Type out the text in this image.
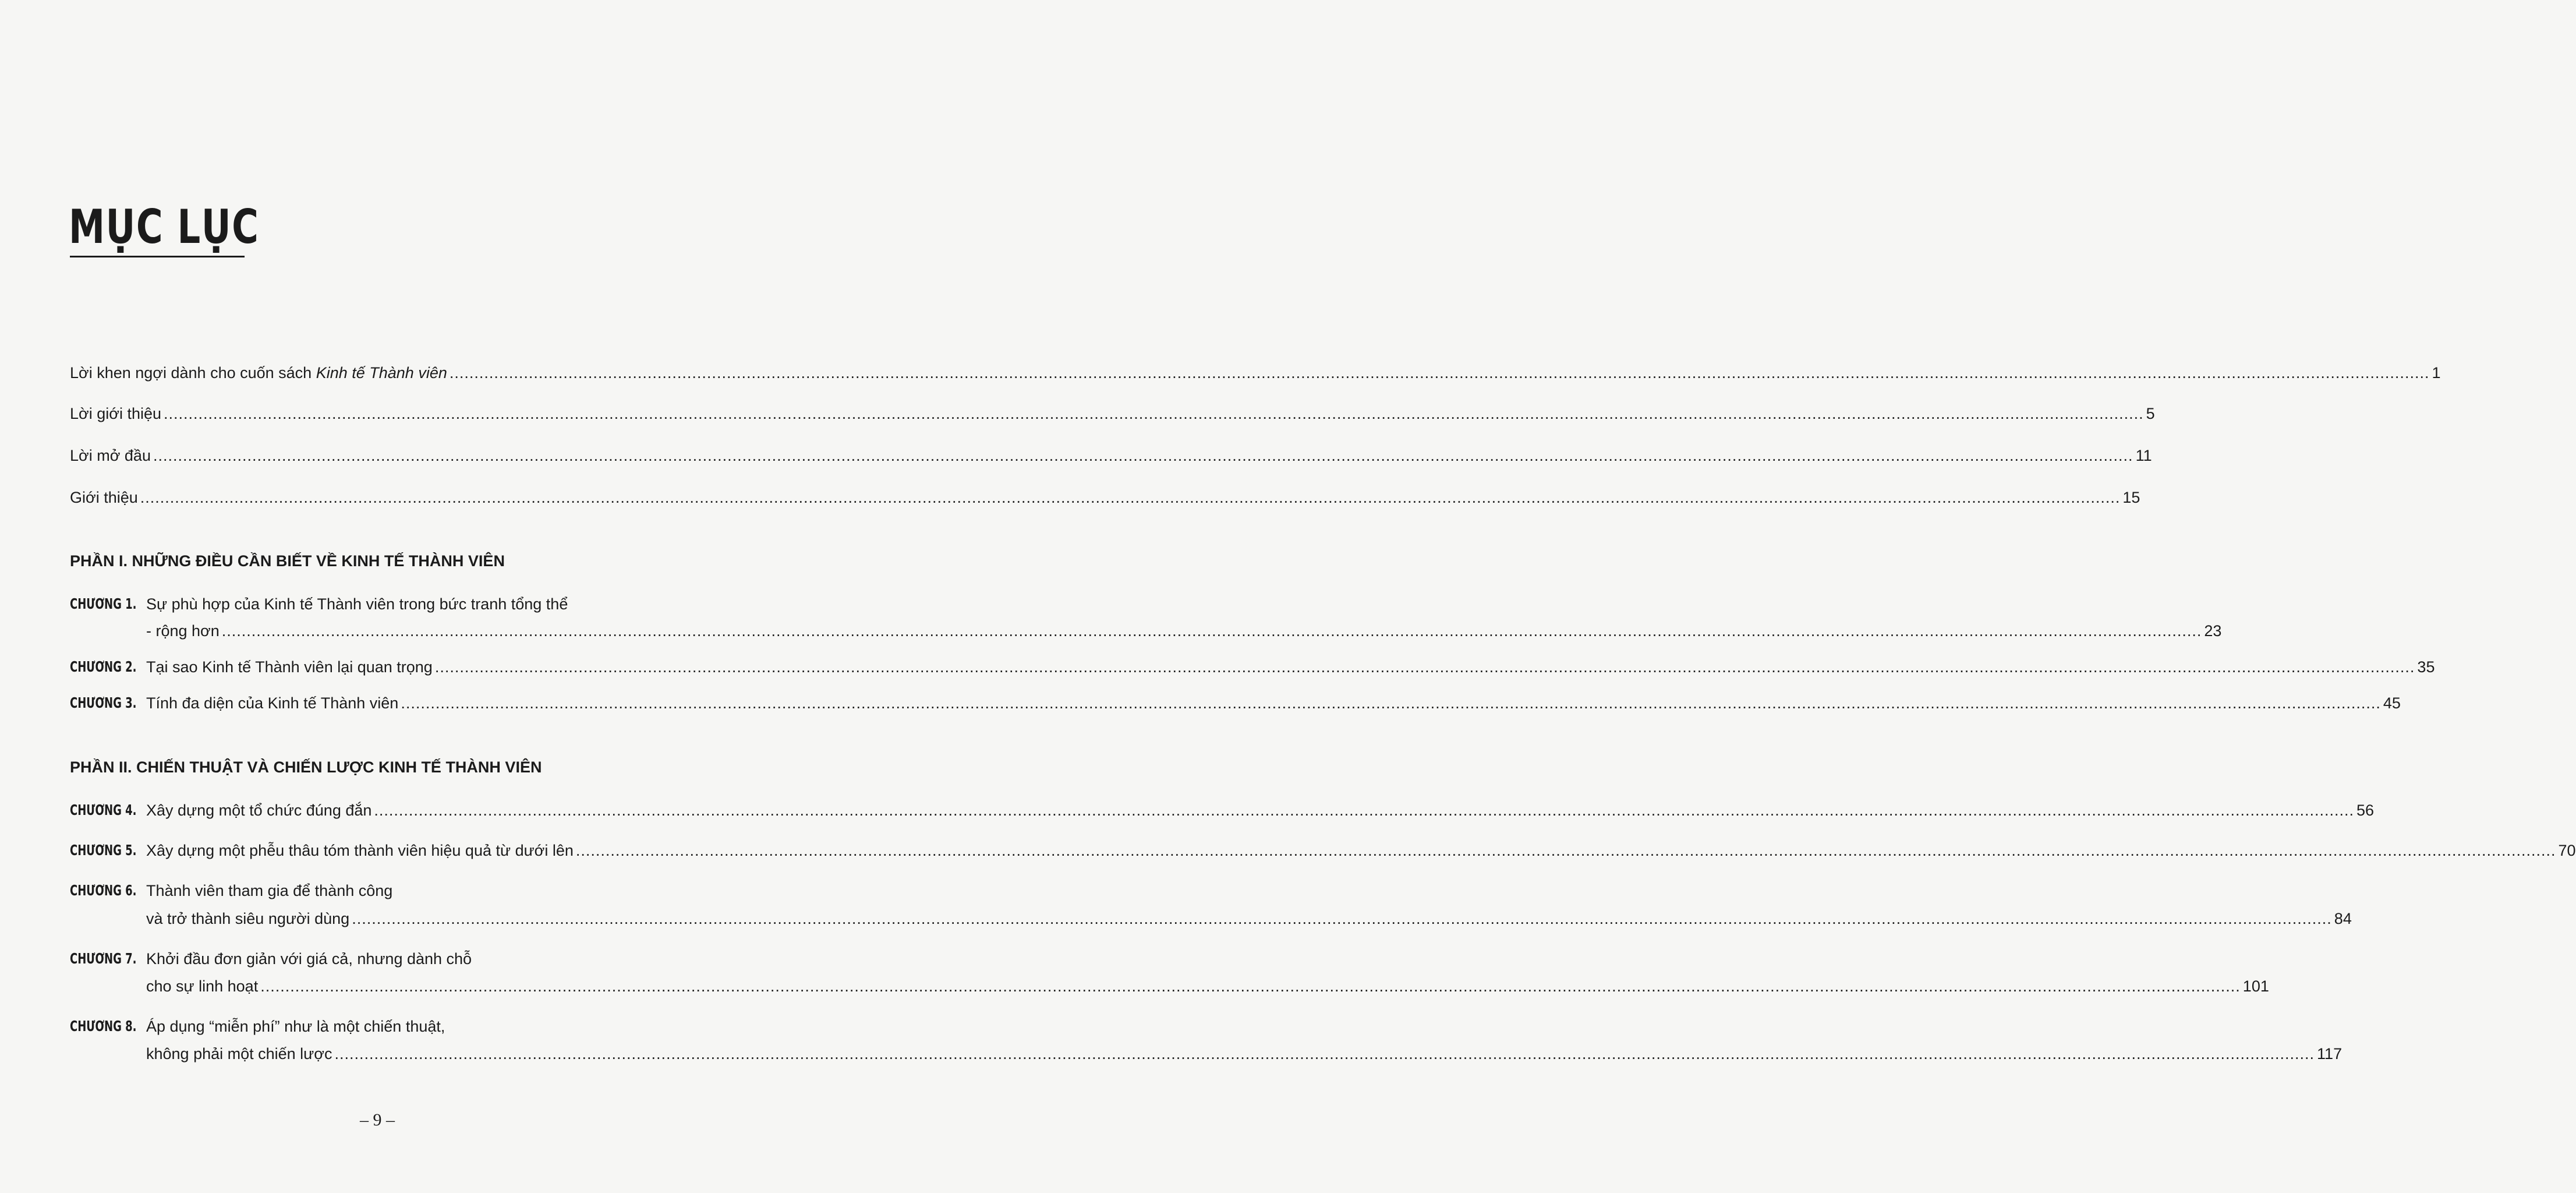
MỤC LỤC
Lời khen ngợi dành cho cuốn sách Kinh tế Thành viên ................................................................................................................................................................................................................................................................................................................................................................................................................ 1
Lời giới thiệu ................................................................................................................................................................................................................................................................................................................................................................................................................ 5
Lời mở đầu ................................................................................................................................................................................................................................................................................................................................................................................................................ 11
Giới thiệu ................................................................................................................................................................................................................................................................................................................................................................................................................ 15
PHẦN I. NHỮNG ĐIỀU CẦN BIẾT VỀ KINH TẾ THÀNH VIÊN
CHƯƠNG 1. Sự phù hợp của Kinh tế Thành viên trong bức tranh tổng thể
- rộng hơn ................................................................................................................................................................................................................................................................................................................................................................................................................ 23
CHƯƠNG 2. Tại sao Kinh tế Thành viên lại quan trọng ................................................................................................................................................................................................................................................................................................................................................................................................................ 35
CHƯƠNG 3. Tính đa diện của Kinh tế Thành viên ................................................................................................................................................................................................................................................................................................................................................................................................................ 45
PHẦN II. CHIẾN THUẬT VÀ CHIẾN LƯỢC KINH TẾ THÀNH VIÊN
CHƯƠNG 4. Xây dựng một tổ chức đúng đắn ................................................................................................................................................................................................................................................................................................................................................................................................................ 56
CHƯƠNG 5. Xây dựng một phễu thâu tóm thành viên hiệu quả từ dưới lên ................................................................................................................................................................................................................................................................................................................................................................................................................ 70
CHƯƠNG 6. Thành viên tham gia để thành công
và trở thành siêu người dùng ................................................................................................................................................................................................................................................................................................................................................................................................................ 84
CHƯƠNG 7. Khởi đầu đơn giản với giá cả, nhưng dành chỗ
cho sự linh hoạt ................................................................................................................................................................................................................................................................................................................................................................................................................ 101
CHƯƠNG 8. Áp dụng “miễn phí” như là một chiến thuật,
không phải một chiến lược ................................................................................................................................................................................................................................................................................................................................................................................................................ 117
– 9 –
